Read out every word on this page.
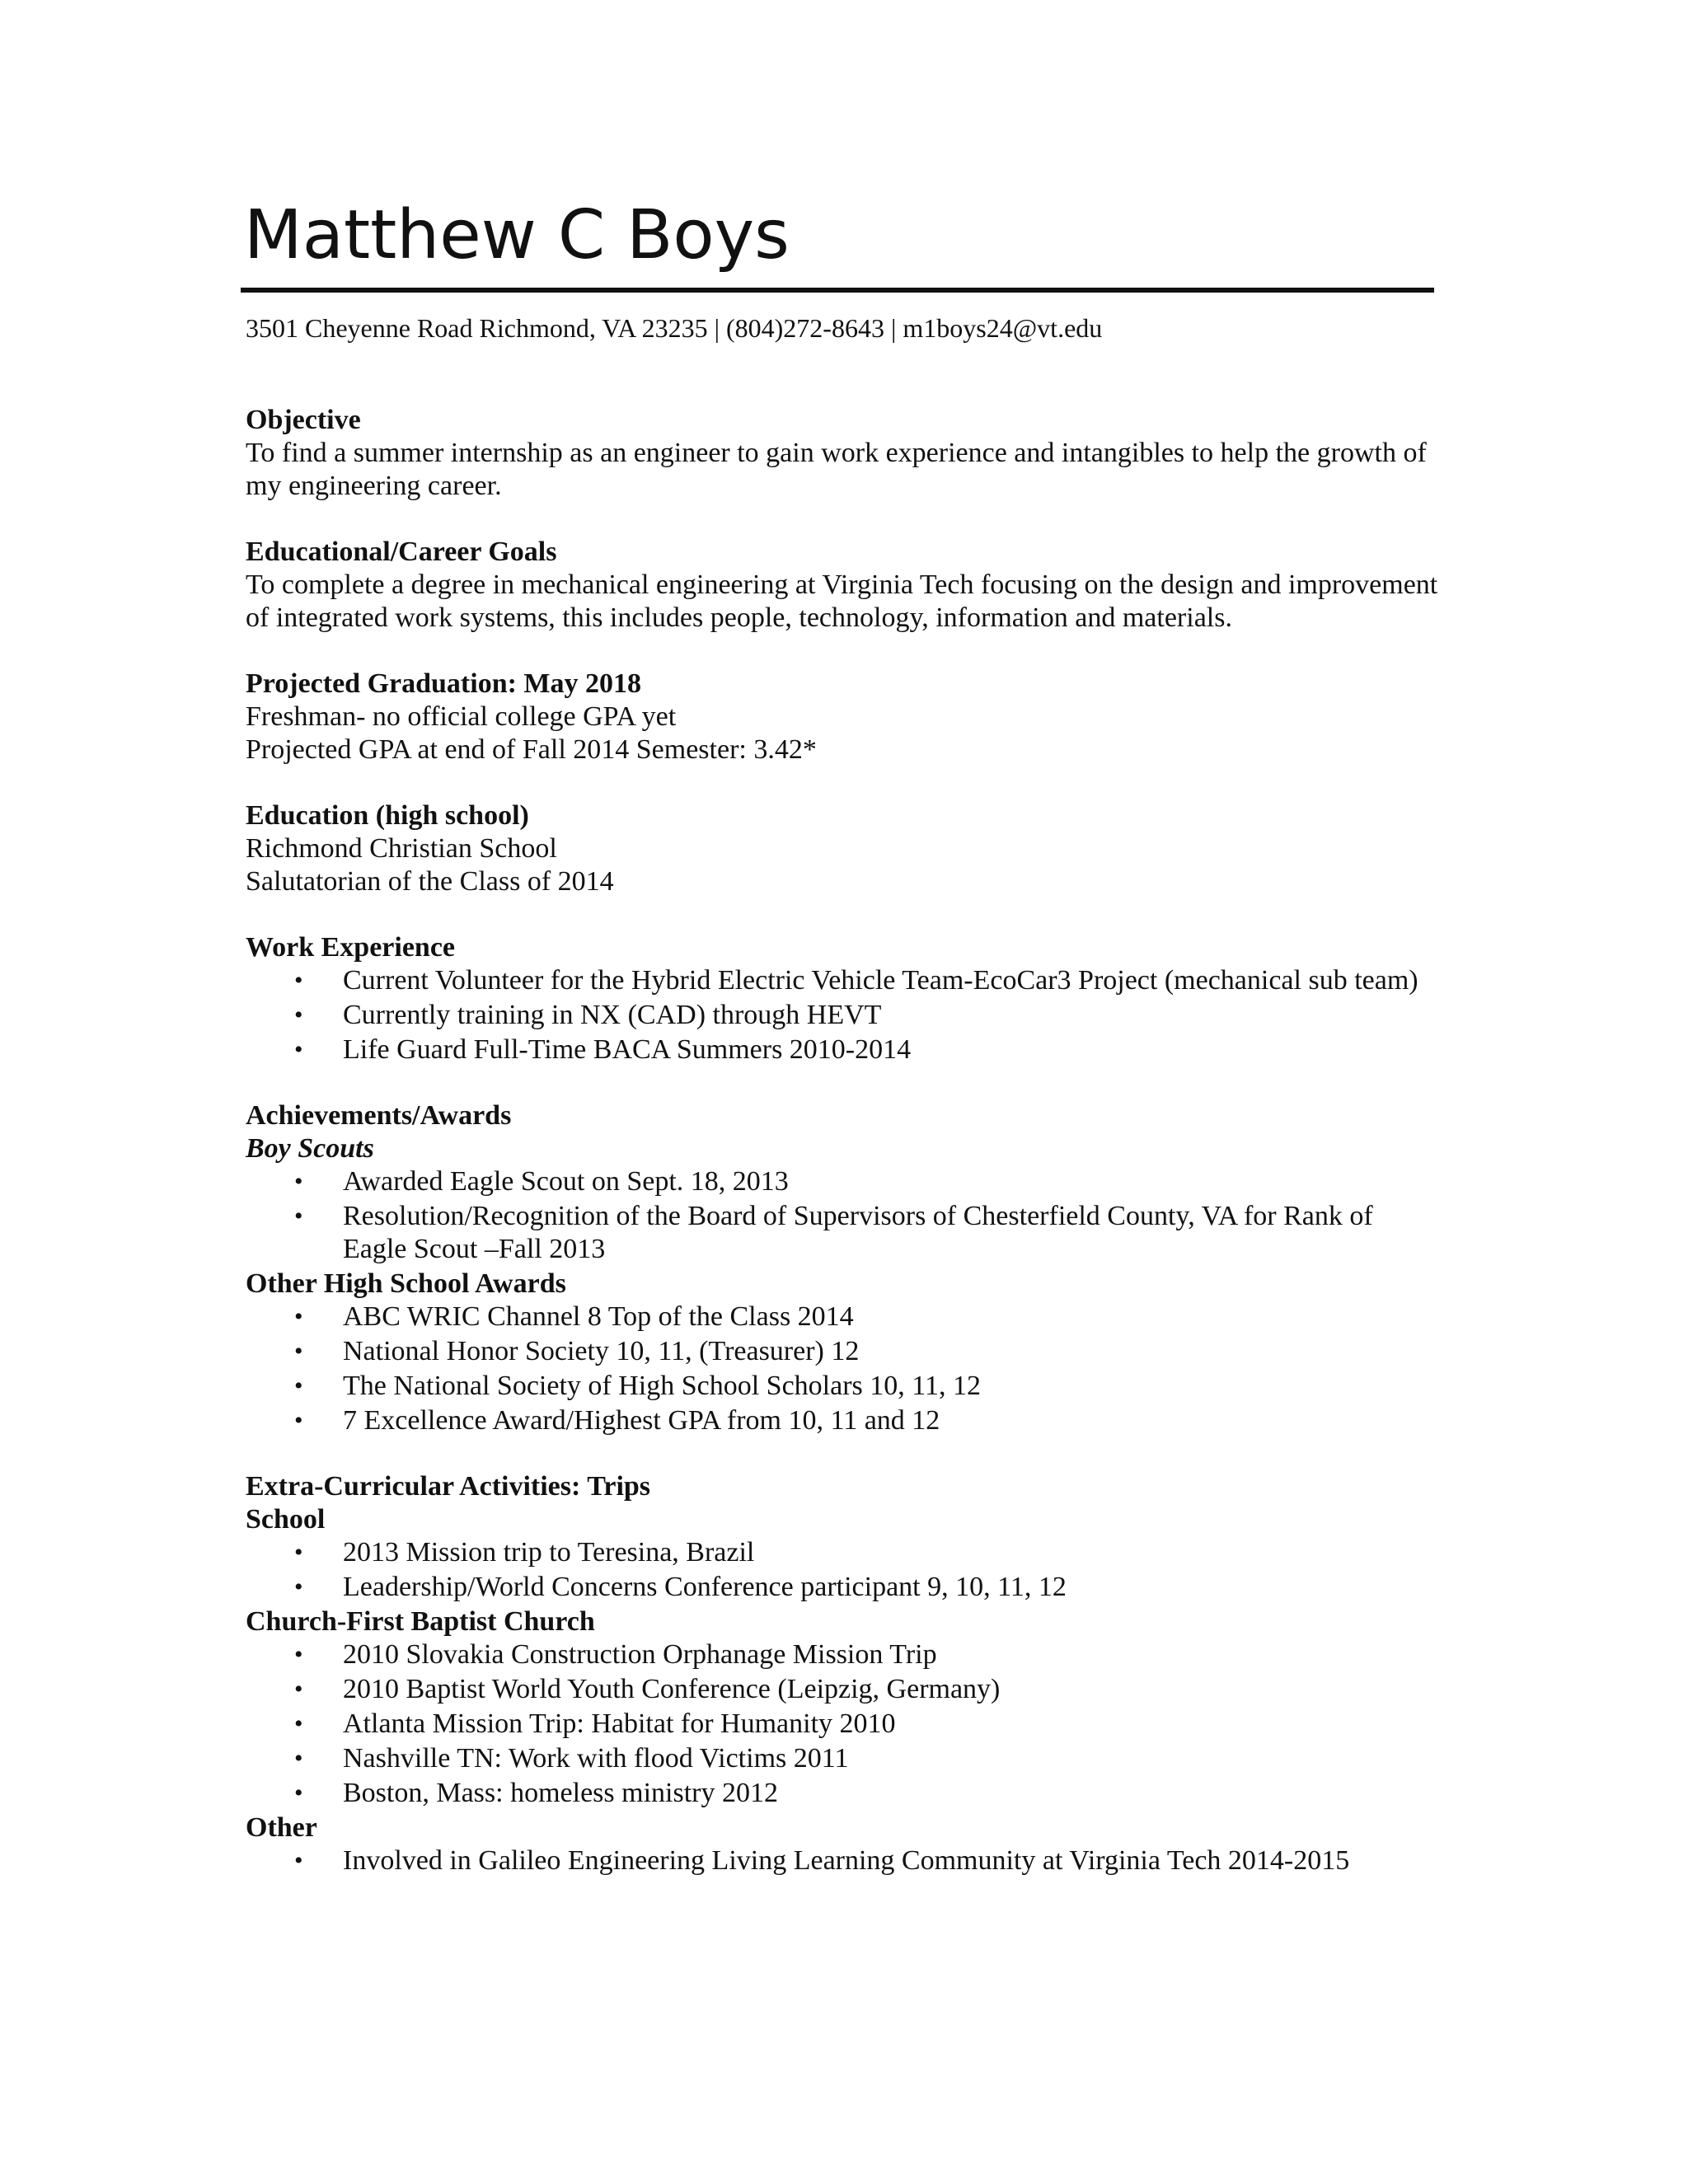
Matthew C Boys
3501 Cheyenne Road Richmond, VA 23235 | (804)272-8643 | m1boys24@vt.edu

Objective

To find a summer internship as an engineer to gain work experience and intangibles to help the growth of my engineering career.

Educational/Career Goals

To complete a degree in mechanical engineering at Virginia Tech focusing on the design and improvement of integrated work systems, this includes people, technology, information and materials.

Projected Graduation: May 2018

Freshman- no official college GPA yet

Projected GPA at end of Fall 2014 Semester: 3.42*

Education (high school)

Richmond Christian School

Salutatorian of the Class of 2014

Work Experience

• Current Volunteer for the Hybrid Electric Vehicle Team-EcoCar3 Project (mechanical sub team)
• Currently training in NX (CAD) through HEVT
• Life Guard Full-Time BACA Summers 2010-2014

Achievements/Awards

Boy Scouts

• Awarded Eagle Scout on Sept. 18, 2013
• Resolution/Recognition of the Board of Supervisors of Chesterfield County, VA for Rank of Eagle Scout –Fall 2013

Other High School Awards

• ABC WRIC Channel 8 Top of the Class 2014
• National Honor Society 10, 11, (Treasurer) 12
• The National Society of High School Scholars 10, 11, 12
• 7 Excellence Award/Highest GPA from 10, 11 and 12

Extra-Curricular Activities: Trips

School

• 2013 Mission trip to Teresina, Brazil
• Leadership/World Concerns Conference participant 9, 10, 11, 12

Church-First Baptist Church

• 2010 Slovakia Construction Orphanage Mission Trip
• 2010 Baptist World Youth Conference (Leipzig, Germany)
• Atlanta Mission Trip: Habitat for Humanity 2010
• Nashville TN: Work with flood Victims 2011
• Boston, Mass: homeless ministry 2012

Other

• Involved in Galileo Engineering Living Learning Community at Virginia Tech 2014-2015
